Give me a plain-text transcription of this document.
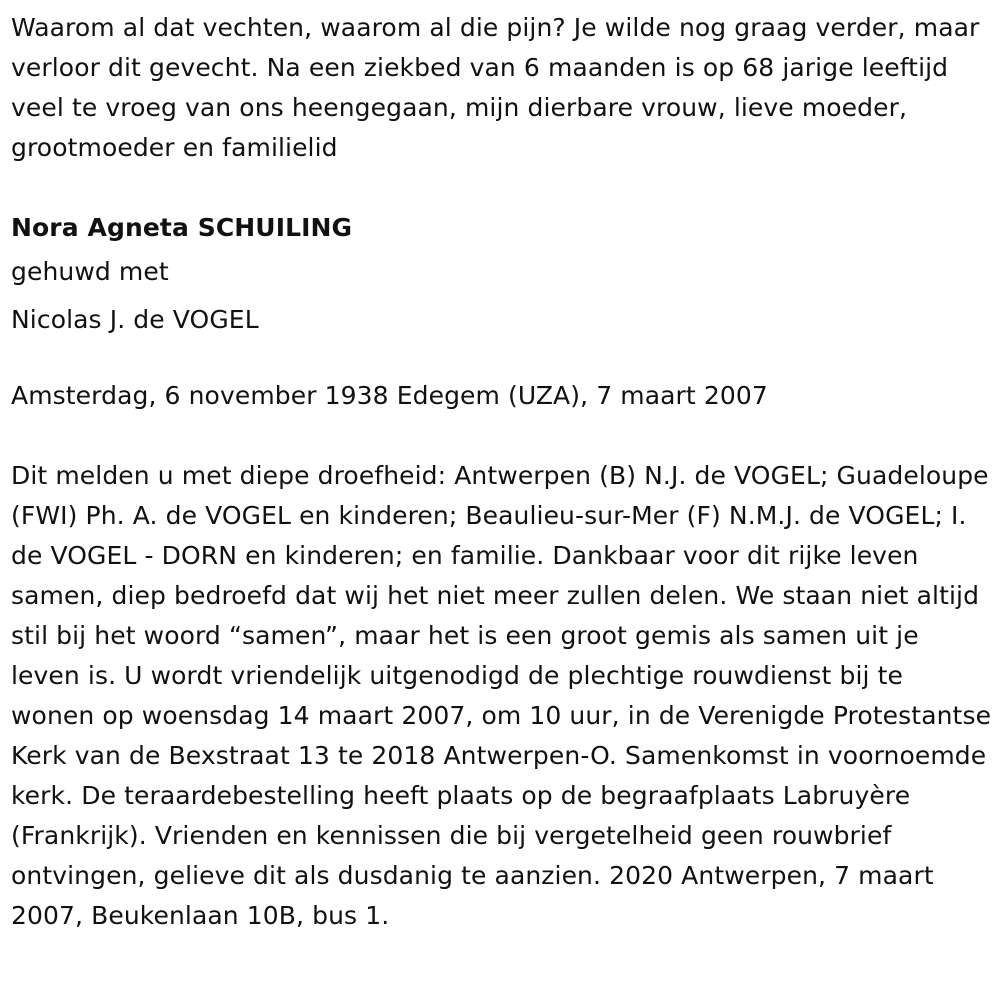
Waarom al dat vechten, waarom al die pijn? Je wilde nog graag verder, maar verloor dit gevecht. Na een ziekbed van 6 maanden is op 68 jarige leeftijd veel te vroeg van ons heengegaan, mijn dierbare vrouw, lieve moeder, grootmoeder en familielid

Nora Agneta SCHUILING

gehuwd met

Nicolas J. de VOGEL

Amsterdag, 6 november 1938 Edegem (UZA), 7 maart 2007

Dit melden u met diepe droefheid: Antwerpen (B) N.J. de VOGEL; Guadeloupe (FWI) Ph. A. de VOGEL en kinderen; Beaulieu-sur-Mer (F) N.M.J. de VOGEL; I. de VOGEL - DORN en kinderen; en familie. Dankbaar voor dit rijke leven samen, diep bedroefd dat wij het niet meer zullen delen. We staan niet altijd stil bij het woord “samen”, maar het is een groot gemis als samen uit je leven is. U wordt vriendelijk uitgenodigd de plechtige rouwdienst bij te wonen op woensdag 14 maart 2007, om 10 uur, in de Verenigde Protestantse Kerk van de Bexstraat 13 te 2018 Antwerpen-O. Samenkomst in voornoemde kerk. De teraardebestelling heeft plaats op de begraafplaats Labruyère (Frankrijk). Vrienden en kennissen die bij vergetelheid geen rouwbrief ontvingen, gelieve dit als dusdanig te aanzien. 2020 Antwerpen, 7 maart 2007, Beukenlaan 10B, bus 1.
